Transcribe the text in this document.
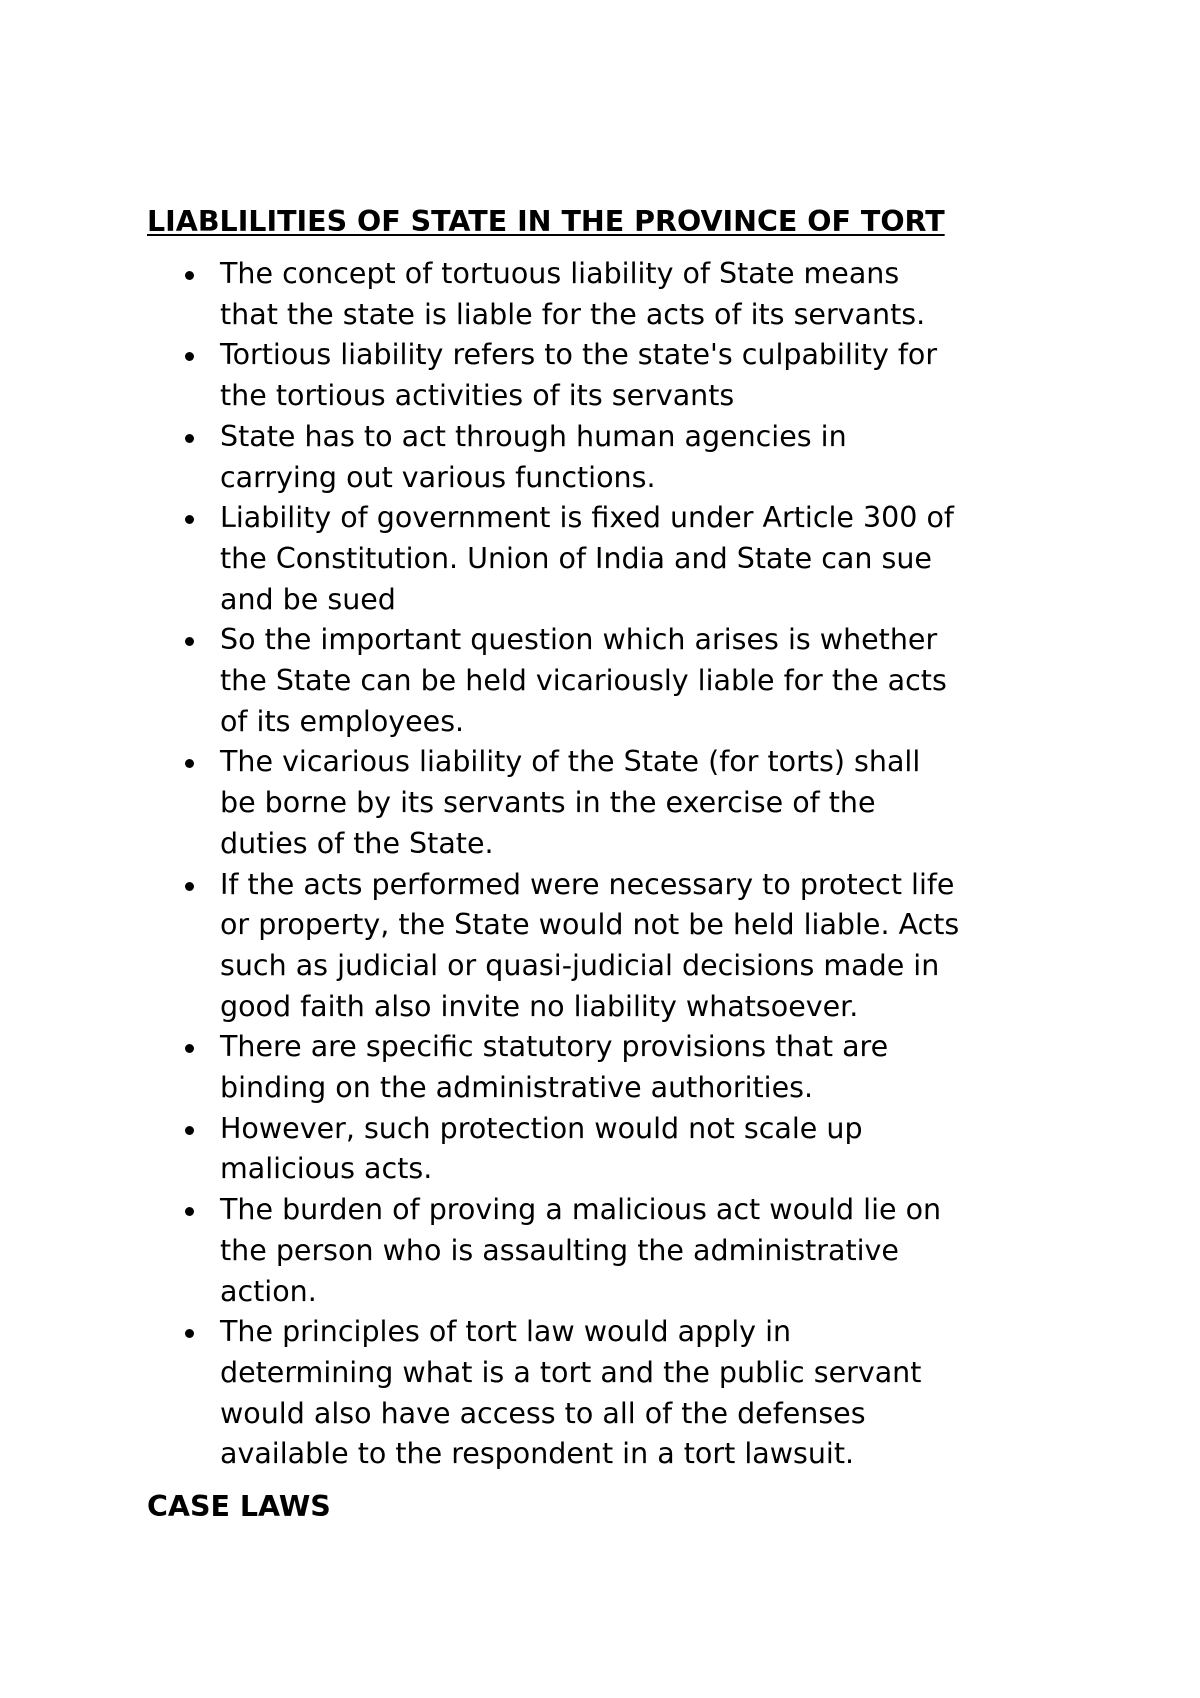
LIABLILITIES OF STATE IN THE PROVINCE OF TORT
The concept of tortuous liability of State means
that the state is liable for the acts of its servants.
Tortious liability refers to the state's culpability for
the tortious activities of its servants
State has to act through human agencies in
carrying out various functions.
Liability of government is fixed under Article 300 of
the Constitution. Union of India and State can sue
and be sued
So the important question which arises is whether
the State can be held vicariously liable for the acts
of its employees.
The vicarious liability of the State (for torts) shall
be borne by its servants in the exercise of the
duties of the State.
If the acts performed were necessary to protect life
or property, the State would not be held liable. Acts
such as judicial or quasi-judicial decisions made in
good faith also invite no liability whatsoever.
There are specific statutory provisions that are
binding on the administrative authorities.
However, such protection would not scale up
malicious acts.
The burden of proving a malicious act would lie on
the person who is assaulting the administrative
action.
The principles of tort law would apply in
determining what is a tort and the public servant
would also have access to all of the defenses
available to the respondent in a tort lawsuit.
CASE LAWS
